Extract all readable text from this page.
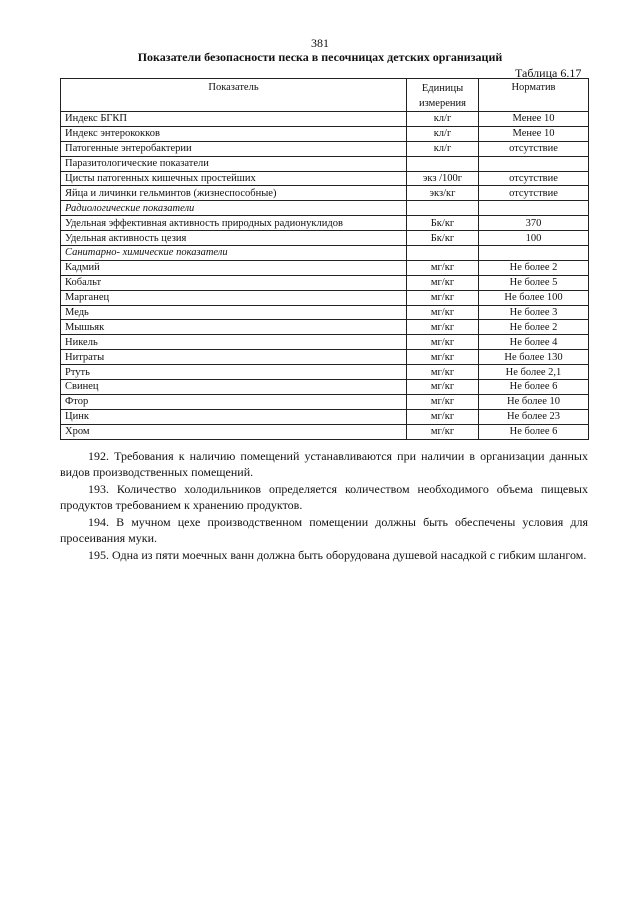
381
Показатели безопасности песка в песочницах детских организаций
Таблица 6.17
Показатель	Единицы измерения	Норматив
Индекс БГКП	кл/г	Менее 10
Индекс энтерококков	кл/г	Менее 10
Патогенные энтеробактерии	кл/г	отсутствие
Паразитологические показатели		
Цисты патогенных кишечных простейших	экз /100г	отсутствие
Яйца и личинки гельминтов (жизнеспособные)	экз/кг	отсутствие
Радиологические показатели		
Удельная эффективная активность природных радионуклидов	Бк/кг	370
Удельная активность цезия	Бк/кг	100
Санитарно- химические показатели		
Кадмий	мг/кг	Не более 2
Кобальт	мг/кг	Не более 5
Марганец	мг/кг	Не более 100
Медь	мг/кг	Не более 3
Мышьяк	мг/кг	Не более 2
Никель	мг/кг	Не более 4
Нитраты	мг/кг	Не более 130
Ртуть	мг/кг	Не более 2,1
Свинец	мг/кг	Не более 6
Фтор	мг/кг	Не более 10
Цинк	мг/кг	Не более 23
Хром	мг/кг	Не более 6

192. Требования к наличию помещений устанавливаются при наличии в организации данных видов производственных помещений.

193. Количество холодильников определяется количеством необходимого объема пищевых продуктов требованием к хранению продуктов.

194. В мучном цехе производственном помещении должны быть обеспечены условия для просеивания муки.

195. Одна из пяти моечных ванн должна быть оборудована душевой насадкой с гибким шлангом.
